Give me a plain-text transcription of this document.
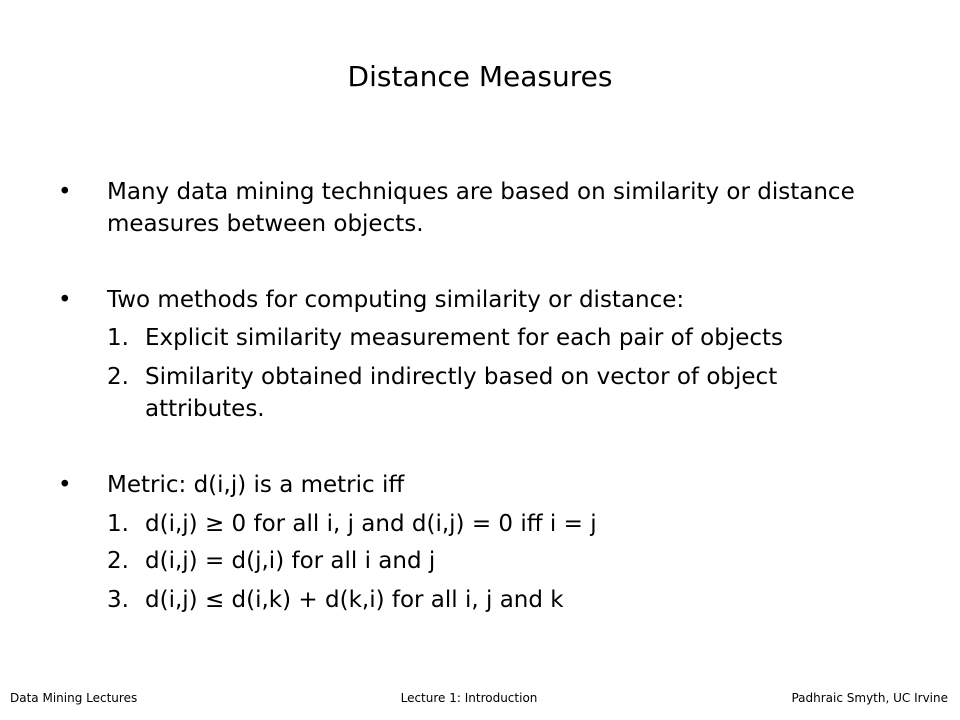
Distance Measures
• Many data mining techniques are based on similarity or distance measures between objects.
• Two methods for computing similarity or distance:
1. Explicit similarity measurement for each pair of objects
2. Similarity obtained indirectly based on vector of object attributes.
• Metric: d(i,j) is a metric iff
1. d(i,j) ≥ 0 for all i, j and d(i,j) = 0 iff i = j
2. d(i,j) = d(j,i) for all i and j
3. d(i,j) ≤ d(i,k) + d(k,i) for all i, j and k
Data Mining Lectures	Lecture 1: Introduction	Padhraic Smyth, UC Irvine
